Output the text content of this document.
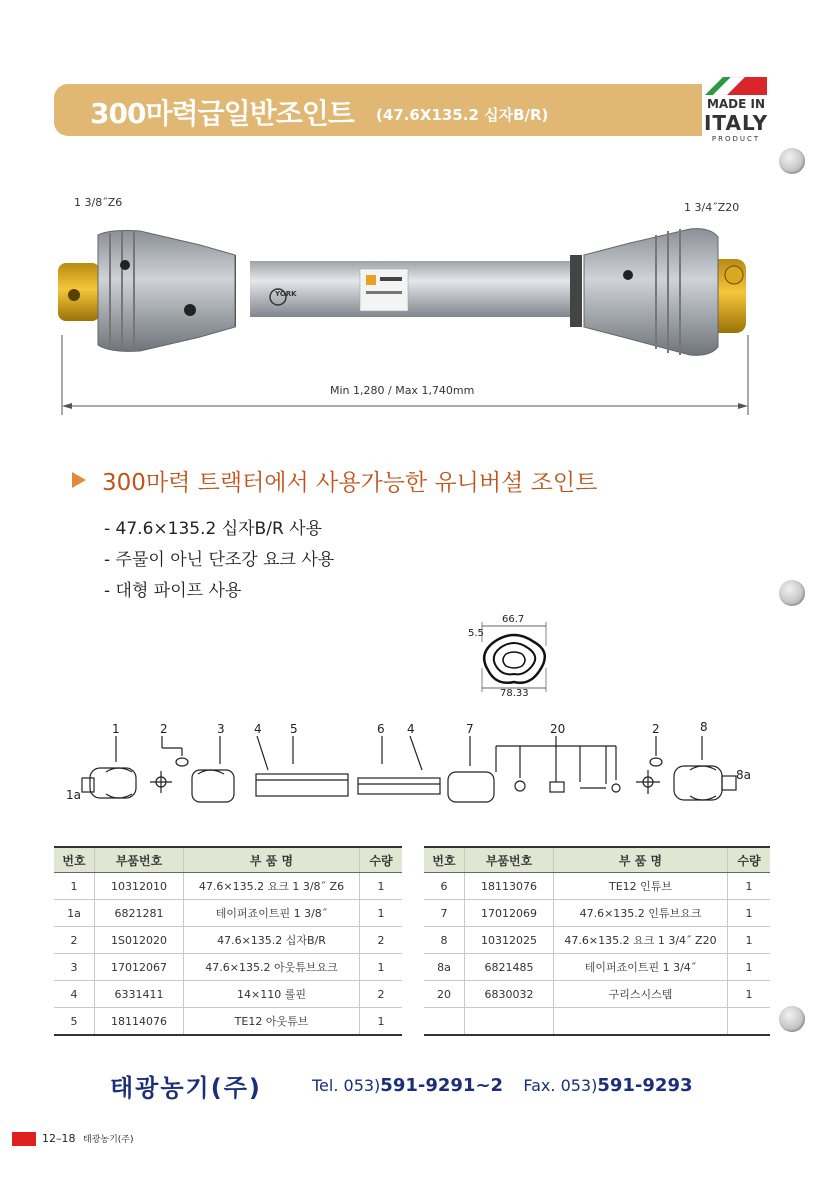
300마력급일반조인트 (47.6X135.2 십자B/R)
MADE IN
ITALY
PRODUCT
1 3/8˝Z6	1 3/4˝Z20
YORK
Min 1,280 / Max 1,740mm
300마력 트랙터에서 사용가능한 유니버셜 조인트
- 47.6×135.2 십자B/R 사용
- 주물이 아닌 단조강 요크 사용
- 대형 파이프 사용
66.7
5.5
78.33
1	2	3 4 5	6 4	7	20	2	8
1a
8a
번호	부품번호	부 품 명	수량
1	10312010	47.6×135.2 요크 1 3/8˝ Z6	1
1a	6821281	테이퍼죠이트핀 1 3/8˝	1
2	1S012020	47.6×135.2 십자B/R	2
3	17012067	47.6×135.2 아웃튜브요크	1
4	6331411	14×110 롤핀	2
5	18114076	TE12 아웃튜브	1
번호	부품번호	부 품 명	수량
6	18113076	TE12 인튜브	1
7	17012069	47.6×135.2 인튜브요크	1
8	10312025	47.6×135.2 요크 1 3/4˝ Z20	1
8a	6821485	테이퍼죠이트핀 1 3/4˝	1
20	6830032	구리스시스템	1

태광농기(주)	Tel. 053)591-9291~2 Fax. 053)591-9293
12–18 태광농기(주)
